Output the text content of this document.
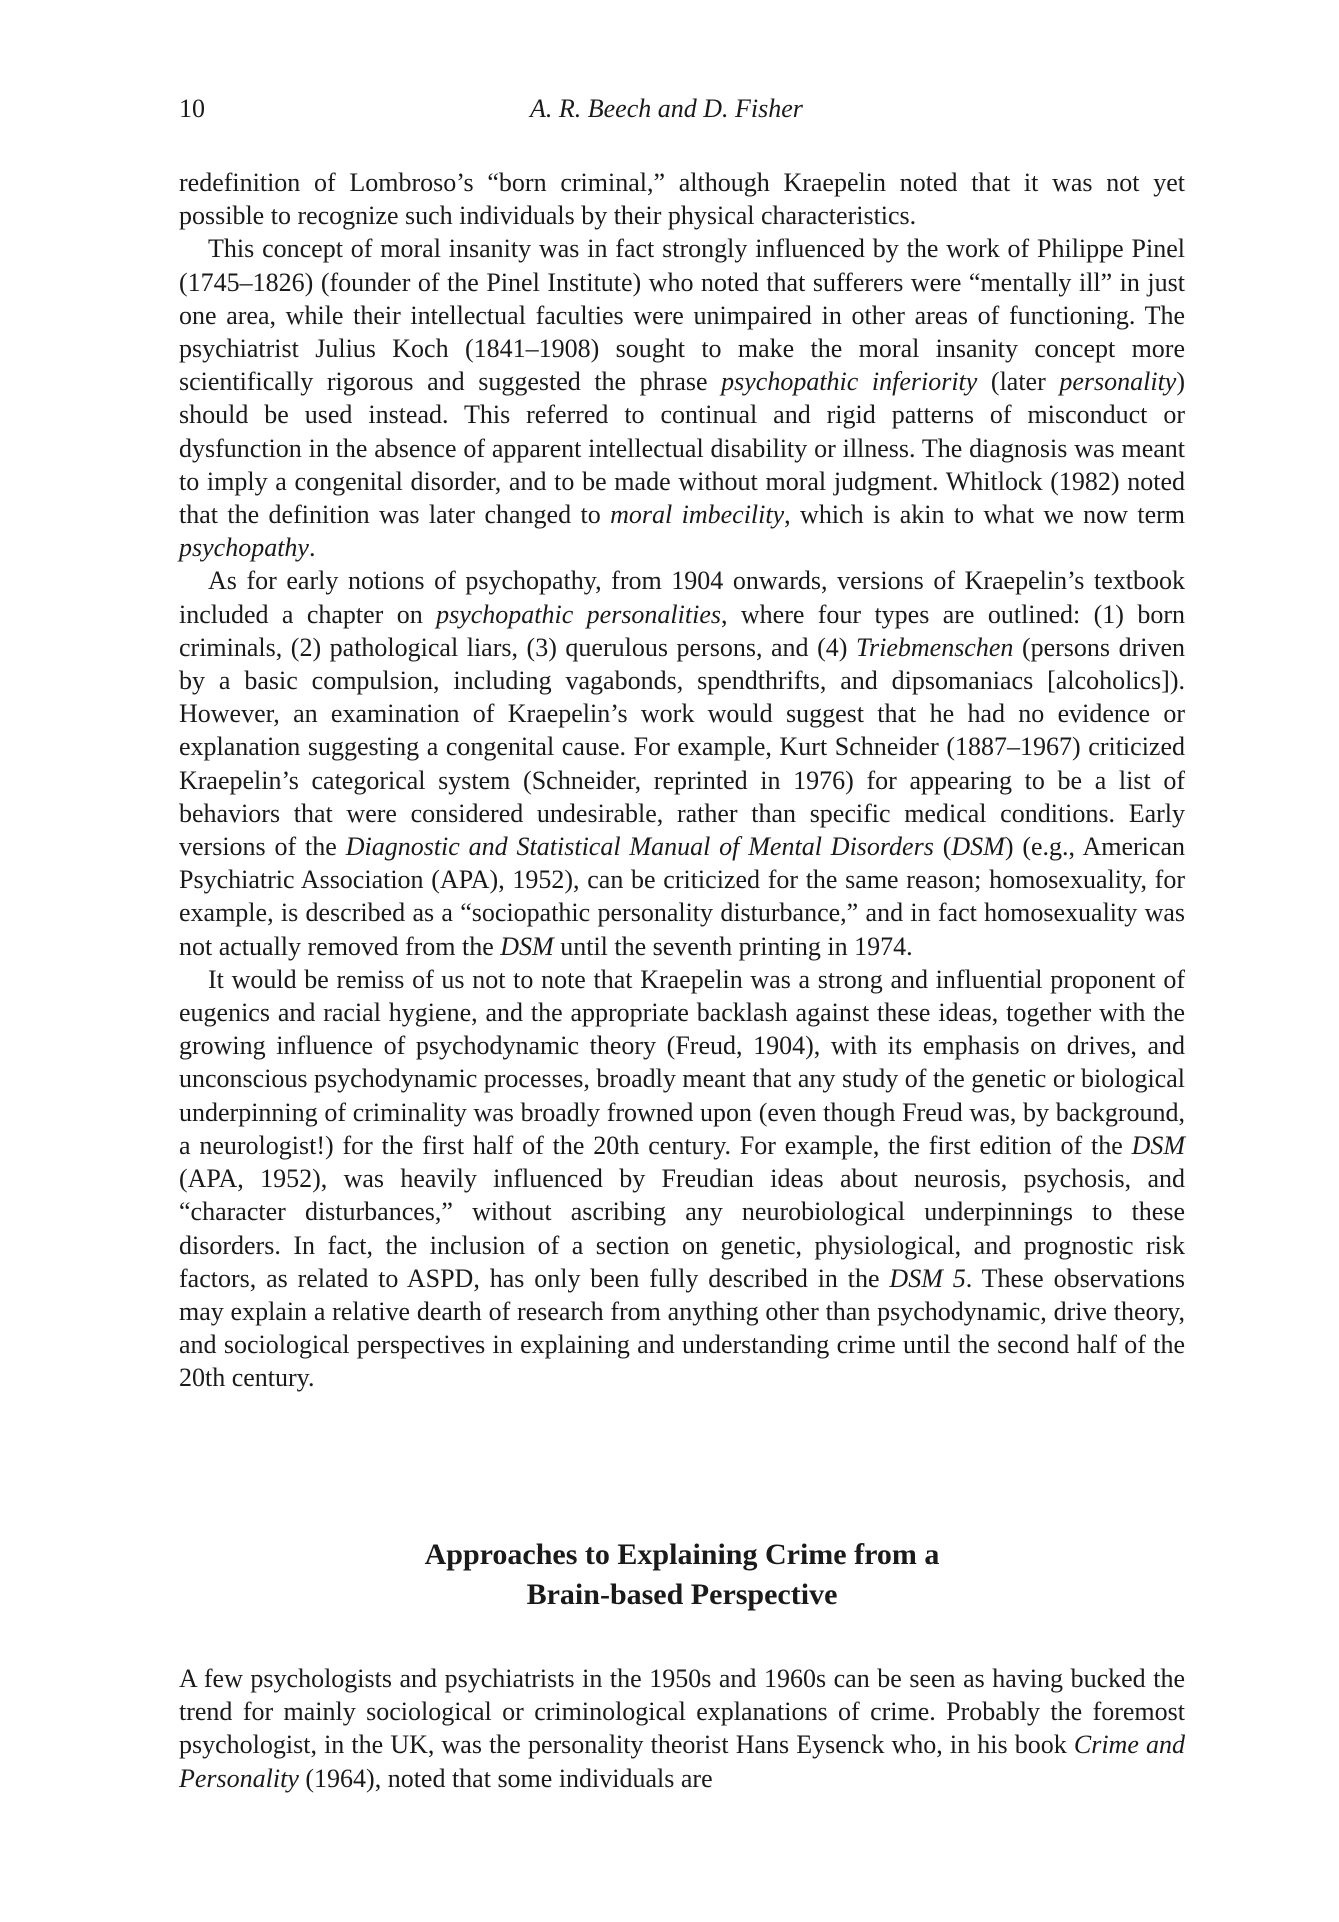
10	A. R. Beech and D. Fisher

redefinition of Lombroso’s “born criminal,” although Kraepelin noted that it was not yet possible to recognize such individuals by their physical characteristics.

This concept of moral insanity was in fact strongly influenced by the work of Philippe Pinel (1745–1826) (founder of the Pinel Institute) who noted that sufferers were “mentally ill” in just one area, while their intellectual faculties were unimpaired in other areas of functioning. The psychiatrist Julius Koch (1841–1908) sought to make the moral insanity concept more scientifically rigorous and suggested the phrase psychopathic inferiority (later personality) should be used instead. This referred to continual and rigid patterns of misconduct or dysfunction in the absence of apparent intellectual disability or illness. The diagnosis was meant to imply a congenital disorder, and to be made without moral judgment. Whitlock (1982) noted that the definition was later changed to moral imbecility, which is akin to what we now term psychopathy.

As for early notions of psychopathy, from 1904 onwards, versions of Kraepelin’s textbook included a chapter on psychopathic personalities, where four types are outlined: (1) born criminals, (2) pathological liars, (3) querulous persons, and (4) Triebmenschen (persons driven by a basic compulsion, including vagabonds, spendthrifts, and dipsomaniacs [alcoholics]). However, an examination of Kraepelin’s work would suggest that he had no evidence or explanation suggesting a congenital cause. For example, Kurt Schneider (1887–1967) criticized Kraepelin’s categorical system (Schneider, reprinted in 1976) for appearing to be a list of behaviors that were considered undesirable, rather than specific medical conditions. Early versions of the Diagnostic and Statistical Manual of Mental Disorders (DSM) (e.g., American Psychiatric Association (APA), 1952), can be criticized for the same reason; homosexuality, for example, is described as a “sociopathic personality disturbance,” and in fact homosexuality was not actually removed from the DSM until the seventh printing in 1974.

It would be remiss of us not to note that Kraepelin was a strong and influential proponent of eugenics and racial hygiene, and the appropriate backlash against these ideas, together with the growing influence of psychodynamic theory (Freud, 1904), with its emphasis on drives, and unconscious psychodynamic processes, broadly meant that any study of the genetic or biological underpinning of criminality was broadly frowned upon (even though Freud was, by background, a neurologist!) for the first half of the 20th century. For example, the first edition of the DSM (APA, 1952), was heavily influenced by Freudian ideas about neurosis, psychosis, and “character disturbances,” without ascribing any neurobiological underpinnings to these disorders. In fact, the inclusion of a section on genetic, physiological, and prognostic risk factors, as related to ASPD, has only been fully described in the DSM 5. These observations may explain a relative dearth of research from anything other than psychodynamic, drive theory, and sociological perspectives in explaining and understanding crime until the second half of the 20th century.

Approaches to Explaining Crime from a
Brain-based Perspective

A few psychologists and psychiatrists in the 1950s and 1960s can be seen as having bucked the trend for mainly sociological or criminological explanations of crime. Probably the foremost psychologist, in the UK, was the personality theorist Hans Eysenck who, in his book Crime and Personality (1964), noted that some individuals are
